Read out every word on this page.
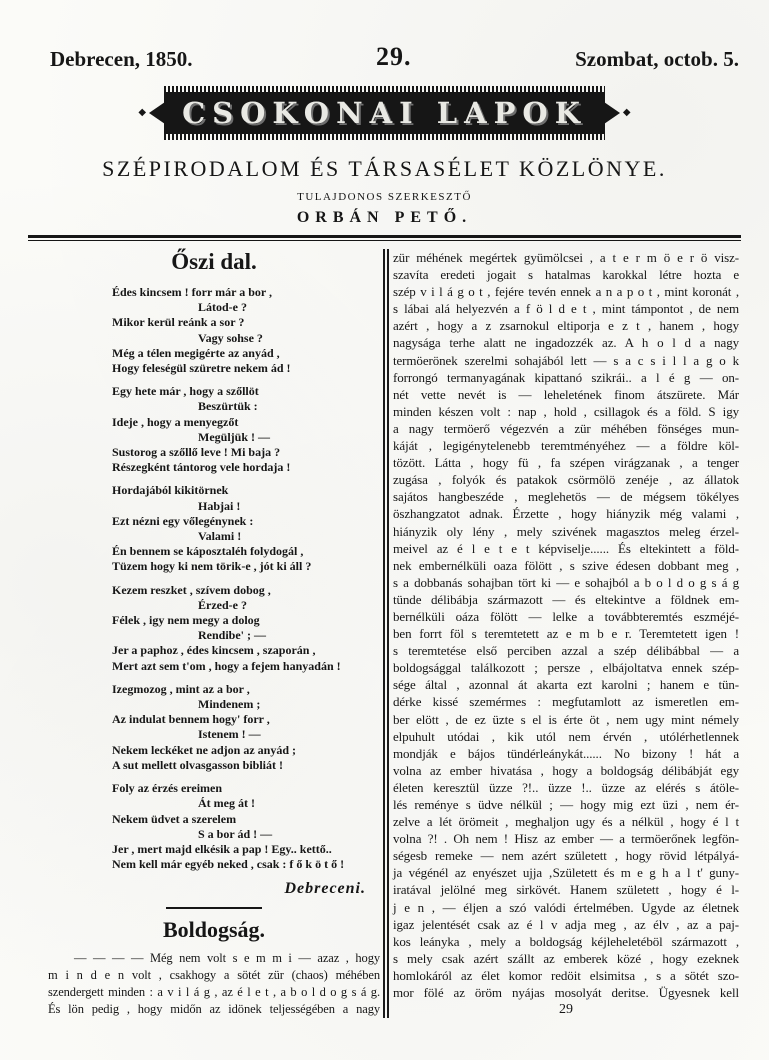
Debrecen, 1850.	29.	Szombat, octob. 5.
◆ CSOKONAI LAPOK	◆
SZÉPIRODALOM ÉS TÁRSASÉLET KÖZLÖNYE.
TULAJDONOS SZERKESZTŐ
ORBÁN PETŐ.
Őszi dal.
Édes kincsem ! forr már a bor ,
Látod-e ?
Mikor kerül reánk a sor ?
Vagy sohse ?
Még a télen megigérte az anyád ,
Hogy feleségül szüretre nekem ád !
Egy hete már , hogy a szőllöt
Beszürtük :
Ideje , hogy a menyegzőt
Megüljük ! —
Sustorog a szőllő leve ! Mi baja ?
Részegként tántorog vele hordaja !
Hordajából kikitörnek
Habjai !
Ezt nézni egy vőlegénynek :
Valami !
Én bennem se káposztaléh folydogál ,
Tüzem hogy ki nem törik-e , jót ki áll ?
Kezem reszket , szívem dobog ,
Érzed-e ?
Félek , igy nem megy a dolog
Rendibe' ; —
Jer a paphoz , édes kincsem , szaporán ,
Mert azt sem t'om , hogy a fejem hanyadán !
Izegmozog , mint az a bor ,
Mindenem ;
Az indulat bennem hogy' forr ,
Istenem ! —
Nekem leckéket ne adjon az anyád ;
A sut mellett olvasgasson bibliát !
Foly az érzés ereimen
Át meg át !
Nekem üdvet a szerelem
S a bor ád ! —
Jer , mert majd elkésik a pap ! Egy.. kettő..
Nem kell már egyéb neked , csak : f ő k ö t ő !
Debreceni.
Boldogság.
— — — — Még nem volt s e m m i — azaz , hogy
m i n d e n volt , csakhogy a sötét zür (chaos) méhében
szendergett minden : a v i l á g , az é l e t , a b o l d o g s á g.
És lön pedig , hogy midőn az idönek teljességében a nagy
zür méhének megértek gyümölcsei , a t e r m ö e r ö visz-
szavíta eredeti jogait s hatalmas karokkal létre hozta e
szép v i l á g o t , fejére tevén ennek a n a p o t , mint koronát ,
s lábai alá helyezvén a f ö l d e t , mint támpontot , de nem
azért , hogy a z zsarnokul eltiporja e z t , hanem , hogy
nagysága terhe alatt ne ingadozzék az. A h o l d a nagy
termöerönek szerelmi sohajából lett — s a c s i l l a g o k
forrongó termanyagának kipattanó szikrái.. a l é g — on-
nét vette nevét is — leheletének finom átszürete. Már
minden készen volt : nap , hold , csillagok és a föld. S igy
a nagy termöerő végezvén a zür méhében fönséges mun-
káját , legigénytelenebb teremtményéhez — a földre köl-
tözött. Látta , hogy fü , fa szépen virágzanak , a tenger
zugása , folyók és patakok csörmölö zenéje , az állatok
sajátos hangbeszéde , meglehetös — de mégsem tökélyes
öszhangzatot adnak. Érzette , hogy hiányzik még valami ,
hiányzik oly lény , mely szivének magasztos meleg érzel-
meivel az é l e t e t képviselje...... És eltekintett a föld-
nek embernélküli oaza fölött , s szive édesen dobbant meg ,
s a dobbanás sohajban tört ki — e sohajból a b o l d o g s á g
tünde délibábja származott — és eltekintve a földnek em-
bernélküli oáza fölött — lelke a továbbteremtés eszméjé-
ben forrt föl s teremtetett az e m b e r. Teremtetett igen !
s teremtetése első perciben azzal a szép délibábbal — a
boldogsággal találkozott ; persze , elbájoltatva ennek szép-
sége által , azonnal át akarta ezt karolni ; hanem e tün-
dérke kissé szemérmes : megfutamlott az ismeretlen em-
ber elött , de ez üzte s el is érte öt , nem ugy mint némely
elpuhult utódai , kik utól nem érvén , utólérhetlennek
mondják e bájos tündérleánykát...... No bizony ! hát a
volna az ember hivatása , hogy a boldogság délibábját egy
életen keresztül üzze ?!.. üzze !.. üzze az elérés s átöle-
lés reménye s üdve nélkül ; — hogy mig ezt üzi , nem ér-
zelve a lét örömeit , meghaljon ugy és a nélkül , hogy é l t
volna ?! . Oh nem ! Hisz az ember — a termöerőnek legfön-
ségesb remeke — nem azért született , hogy rövid létpályá-
ja végénél az enyészet ujja ‚Született és m e g h a l t' guny-
iratával jelölné meg sirkövét. Hanem született , hogy é l-
j e n , — éljen a szó valódi értelmében. Ugyde az életnek
igaz jelentését csak az é l v adja meg , az élv , az a paj-
kos leányka , mely a boldogság kéjleheletéböl származott ,
s mely csak azért szállt az emberek közé , hogy ezeknek
homlokáról az élet komor redöit elsimitsa , s a sötét szo-
mor fölé az öröm nyájas mosolyát deritse. Ügyesnek kell
29
